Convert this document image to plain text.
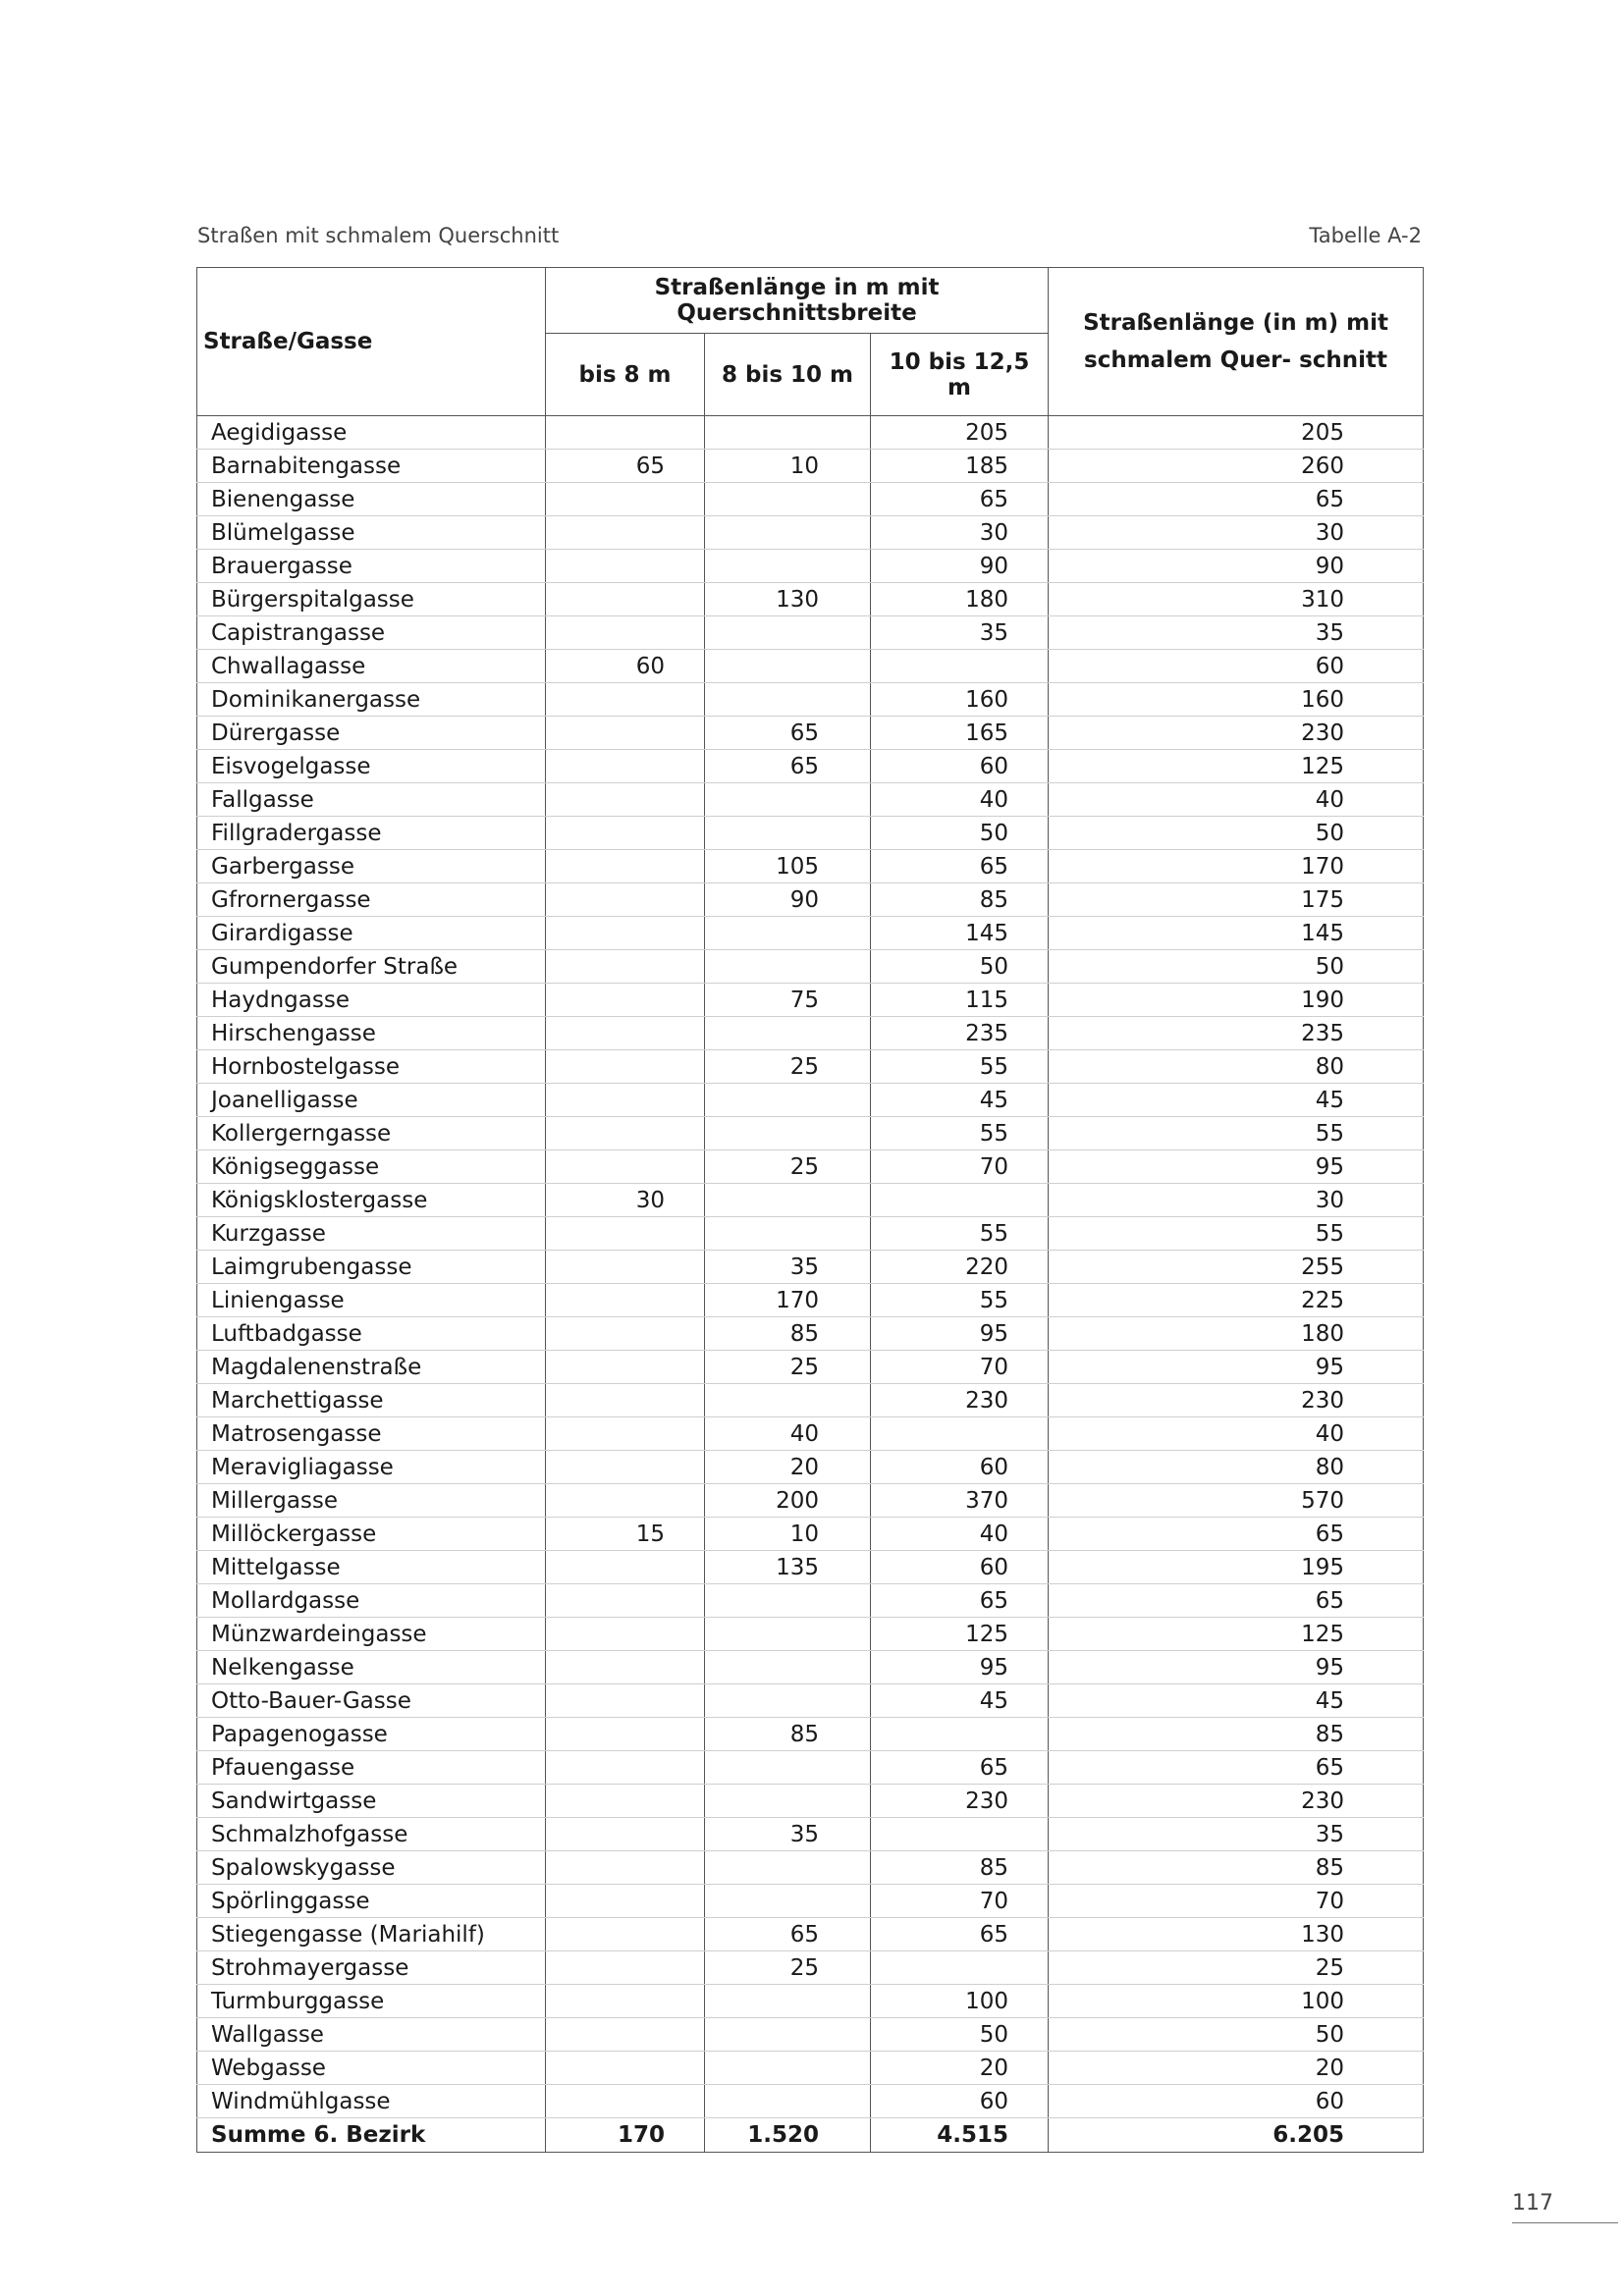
Straßen mit schmalem Querschnitt	Tabelle A-2
Straße/Gasse	Straßenlänge in m mit Querschnittsbreite			Straßenlänge (in m) mit schmalem Quer- schnitt
	bis 8 m	8 bis 10 m	10 bis 12,5 m	
Aegidigasse			205	205
Barnabitengasse	65	10	185	260
Bienengasse			65	65
Blümelgasse			30	30
Brauergasse			90	90
Bürgerspitalgasse		130	180	310
Capistrangasse			35	35
Chwallagasse	60			60
Dominikanergasse			160	160
Dürergasse		65	165	230
Eisvogelgasse		65	60	125
Fallgasse			40	40
Fillgradergasse			50	50
Garbergasse		105	65	170
Gfrornergasse		90	85	175
Girardigasse			145	145
Gumpendorfer Straße			50	50
Haydngasse		75	115	190
Hirschengasse			235	235
Hornbostelgasse		25	55	80
Joanelligasse			45	45
Kollergerngasse			55	55
Königseggasse		25	70	95
Königsklostergasse	30			30
Kurzgasse			55	55
Laimgrubengasse		35	220	255
Liniengasse		170	55	225
Luftbadgasse		85	95	180
Magdalenenstraße		25	70	95
Marchettigasse			230	230
Matrosengasse		40		40
Meravigliagasse		20	60	80
Millergasse		200	370	570
Millöckergasse	15	10	40	65
Mittelgasse		135	60	195
Mollardgasse			65	65
Münzwardeingasse			125	125
Nelkengasse			95	95
Otto-Bauer-Gasse			45	45
Papagenogasse		85		85
Pfauengasse			65	65
Sandwirtgasse			230	230
Schmalzhofgasse		35		35
Spalowskygasse			85	85
Spörlinggasse			70	70
Stiegengasse (Mariahilf)		65	65	130
Strohmayergasse		25		25
Turmburggasse			100	100
Wallgasse			50	50
Webgasse			20	20
Windmühlgasse			60	60
Summe 6. Bezirk	170	1.520	4.515	6.205
117
